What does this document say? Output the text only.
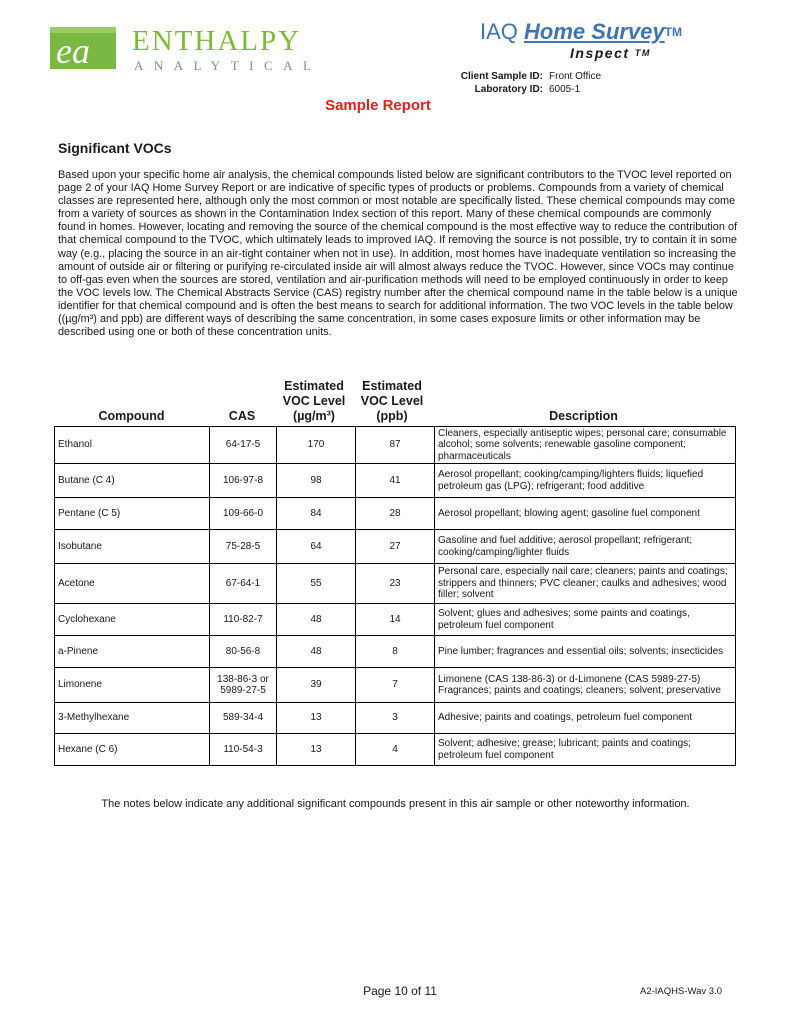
ea ENTHALPY
ANALYTICAL
IAQ Home Survey™
Inspect ™
Client Sample ID: Front Office
Laboratory ID: 6005-1
Sample Report
Significant VOCs
Based upon your specific home air analysis, the chemical compounds listed below are significant contributors to the TVOC level reported on page 2 of your IAQ Home Survey Report or are indicative of specific types of products or problems. Compounds from a variety of chemical classes are represented here, although only the most common or most notable are specifically listed. These chemical compounds may come from a variety of sources as shown in the Contamination Index section of this report. Many of these chemical compounds are commonly found in homes. However, locating and removing the source of the chemical compound is the most effective way to reduce the contribution of that chemical compound to the TVOC, which ultimately leads to improved IAQ. If removing the source is not possible, try to contain it in some way (e.g., placing the source in an air-tight container when not in use). In addition, most homes have inadequate ventilation so increasing the amount of outside air or filtering or purifying re-circulated inside air will almost always reduce the TVOC. However, since VOCs may continue to off-gas even when the sources are stored, ventilation and air-purification methods will need to be employed continuously in order to keep the VOC levels low. The Chemical Abstracts Service (CAS) registry number after the chemical compound name in the table below is a unique identifier for that chemical compound and is often the best means to search for additional information. The two VOC levels in the table below ((µg/m³) and ppb) are different ways of describing the same concentration, in some cases exposure limits or other information may be described using one or both of these concentration units.
Compound	CAS
Estimated
VOC Level
(µg/m³)
Estimated
VOC Level
(ppb)	Description
Ethanol	64-17-5	170	87	Cleaners, especially antiseptic wipes; personal care; consumable alcohol; some solvents; renewable gasoline component; pharmaceuticals
Butane (C 4)	106-97-8	98	41	Aerosol propellant; cooking/camping/lighters fluids; liquefied petroleum gas (LPG); refrigerant; food additive
Pentane (C 5)	109-66-0	84	28	Aerosol propellant; blowing agent; gasoline fuel component
Isobutane	75-28-5	64	27	Gasoline and fuel additive; aerosol propellant; refrigerant; cooking/camping/lighter fluids
Acetone	67-64-1	55	23	Personal care, especially nail care; cleaners; paints and coatings; strippers and thinners; PVC cleaner; caulks and adhesives; wood filler; solvent
Cyclohexane	110-82-7	48	14	Solvent; glues and adhesives; some paints and coatings, petroleum fuel component
a-Pinene	80-56-8	48	8	Pine lumber; fragrances and essential oils; solvents; insecticides
Limonene	138-86-3 or 5989-27-5	39	7	Limonene (CAS 138-86-3) or d-Limonene (CAS 5989-27-5) Fragrances; paints and coatings; cleaners; solvent; preservative
3-Methylhexane	589-34-4	13	3	Adhesive; paints and coatings, petroleum fuel component
Hexane (C 6)	110-54-3	13	4	Solvent; adhesive; grease; lubricant; paints and coatings; petroleum fuel component
The notes below indicate any additional significant compounds present in this air sample or other noteworthy information.
Page 10 of 11	A2-IAQHS-Wav 3.0
